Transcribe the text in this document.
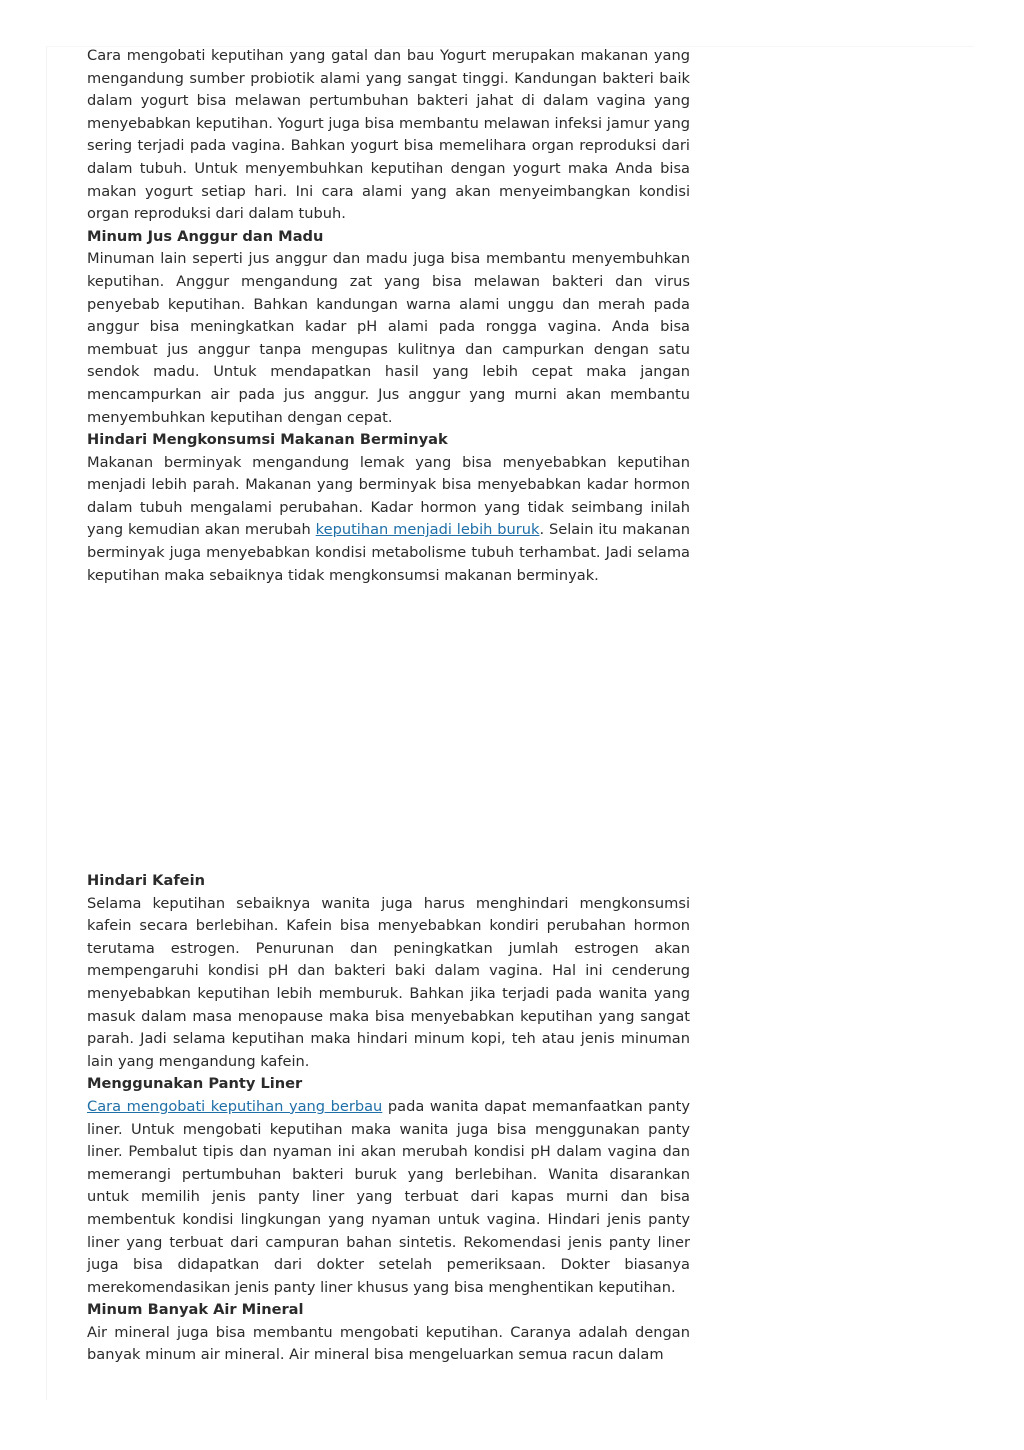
Cara mengobati keputihan yang gatal dan bau Yogurt merupakan makanan yang mengandung sumber probiotik alami yang sangat tinggi. Kandungan bakteri baik dalam yogurt bisa melawan pertumbuhan bakteri jahat di dalam vagina yang menyebabkan keputihan. Yogurt juga bisa membantu melawan infeksi jamur yang sering terjadi pada vagina. Bahkan yogurt bisa memelihara organ reproduksi dari dalam tubuh. Untuk menyembuhkan keputihan dengan yogurt maka Anda bisa makan yogurt setiap hari. Ini cara alami yang akan menyeimbangkan kondisi organ reproduksi dari dalam tubuh.

Minum Jus Anggur dan Madu

Minuman lain seperti jus anggur dan madu juga bisa membantu menyembuhkan keputihan. Anggur mengandung zat yang bisa melawan bakteri dan virus penyebab keputihan. Bahkan kandungan warna alami unggu dan merah pada anggur bisa meningkatkan kadar pH alami pada rongga vagina. Anda bisa membuat jus anggur tanpa mengupas kulitnya dan campurkan dengan satu sendok madu. Untuk mendapatkan hasil yang lebih cepat maka jangan mencampurkan air pada jus anggur. Jus anggur yang murni akan membantu menyembuhkan keputihan dengan cepat.

Hindari Mengkonsumsi Makanan Berminyak

Makanan berminyak mengandung lemak yang bisa menyebabkan keputihan menjadi lebih parah. Makanan yang berminyak bisa menyebabkan kadar hormon dalam tubuh mengalami perubahan. Kadar hormon yang tidak seimbang inilah yang kemudian akan merubah keputihan menjadi lebih buruk. Selain itu makanan berminyak juga menyebabkan kondisi metabolisme tubuh terhambat. Jadi selama keputihan maka sebaiknya tidak mengkonsumsi makanan berminyak.

Hindari Kafein

Selama keputihan sebaiknya wanita juga harus menghindari mengkonsumsi kafein secara berlebihan. Kafein bisa menyebabkan kondiri perubahan hormon terutama estrogen. Penurunan dan peningkatkan jumlah estrogen akan mempengaruhi kondisi pH dan bakteri baki dalam vagina. Hal ini cenderung menyebabkan keputihan lebih memburuk. Bahkan jika terjadi pada wanita yang masuk dalam masa menopause maka bisa menyebabkan keputihan yang sangat parah. Jadi selama keputihan maka hindari minum kopi, teh atau jenis minuman lain yang mengandung kafein.

Menggunakan Panty Liner

Cara mengobati keputihan yang berbau pada wanita dapat memanfaatkan panty liner. Untuk mengobati keputihan maka wanita juga bisa menggunakan panty liner. Pembalut tipis dan nyaman ini akan merubah kondisi pH dalam vagina dan memerangi pertumbuhan bakteri buruk yang berlebihan. Wanita disarankan untuk memilih jenis panty liner yang terbuat dari kapas murni dan bisa membentuk kondisi lingkungan yang nyaman untuk vagina. Hindari jenis panty liner yang terbuat dari campuran bahan sintetis. Rekomendasi jenis panty liner juga bisa didapatkan dari dokter setelah pemeriksaan. Dokter biasanya merekomendasikan jenis panty liner khusus yang bisa menghentikan keputihan.

Minum Banyak Air Mineral

Air mineral juga bisa membantu mengobati keputihan. Caranya adalah dengan banyak minum air mineral. Air mineral bisa mengeluarkan semua racun dalam
